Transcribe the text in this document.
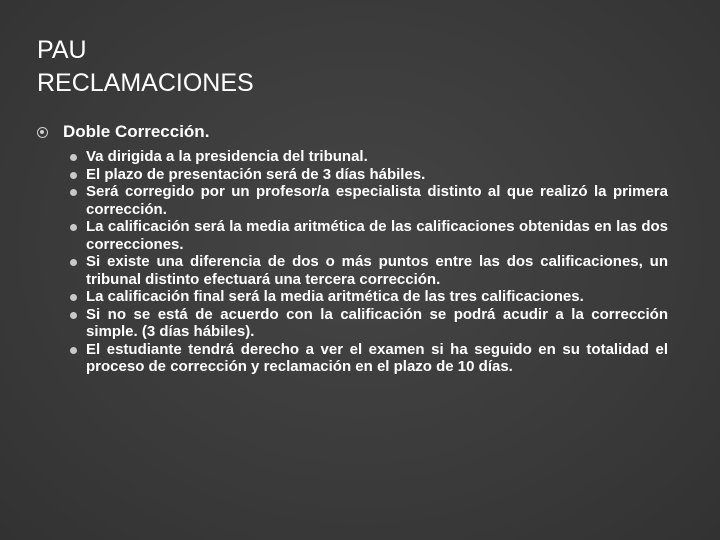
PAU
RECLAMACIONES
Doble Corrección.
Va dirigida a la presidencia del tribunal.
El plazo de presentación será de 3 días hábiles.
Será corregido por un profesor/a especialista distinto al que realizó la primera corrección.
La calificación será la media aritmética de las calificaciones obtenidas en las dos correcciones.
Si existe una diferencia de dos o más puntos entre las dos calificaciones, un tribunal distinto efectuará una tercera corrección.
La calificación final será la media aritmética de las tres calificaciones.
Si no se está de acuerdo con la calificación se podrá acudir a la corrección simple. (3 días hábiles).
El estudiante tendrá derecho a ver el examen si ha seguido en su totalidad el proceso de corrección y reclamación en el plazo de 10 días.
